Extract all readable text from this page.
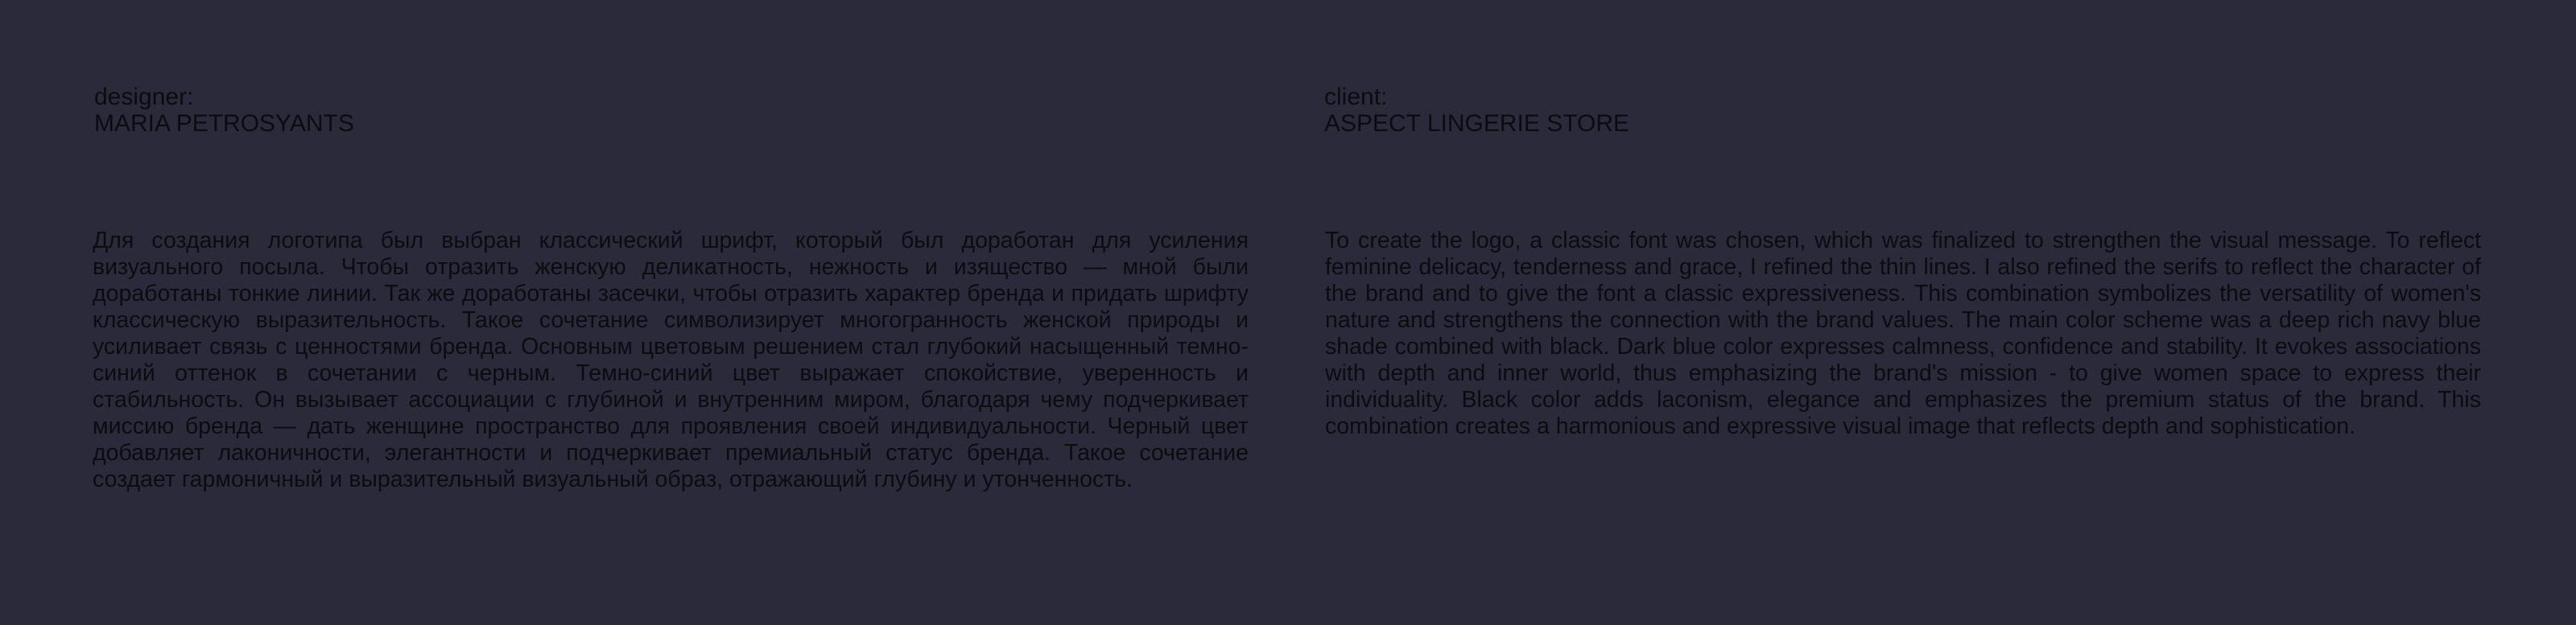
designer:
MARIA PETROSYANTS
client:
ASPECT LINGERIE STORE

Для создания логотипа был выбран классический шрифт, который был доработан для усиления визуального посыла. Чтобы отразить женскую деликатность, нежность и изящество — мной были доработаны тонкие линии. Так же доработаны засечки, чтобы отразить характер бренда и придать шрифту классическую выразительность. Такое сочетание символизирует многогранность женской природы и усиливает связь с ценностями бренда. Основным цветовым решением стал глубокий насыщенный темно-синий оттенок в сочетании с черным. Темно-синий цвет выражает спокойствие, уверенность и стабильность. Он вызывает ассоциации с глубиной и внутренним миром, благодаря чему подчеркивает миссию бренда — дать женщине пространство для проявления своей индивидуальности. Черный цвет добавляет лаконичности, элегантности и подчеркивает премиальный статус бренда. Такое сочетание создает гармоничный и выразительный визуальный образ, отражающий глубину и утонченность.

To create the logo, a classic font was chosen, which was finalized to strengthen the visual message. To reflect feminine delicacy, tenderness and grace, I refined the thin lines. I also refined the serifs to reflect the character of the brand and to give the font a classic expressiveness. This combination symbolizes the versatility of women's nature and strengthens the connection with the brand values. The main color scheme was a deep rich navy blue shade combined with black. Dark blue color expresses calmness, confidence and stability. It evokes associations with depth and inner world, thus emphasizing the brand's mission - to give women space to express their individuality. Black color adds laconism, elegance and emphasizes the premium status of the brand. This combination creates a harmonious and expressive visual image that reflects depth and sophistication.
